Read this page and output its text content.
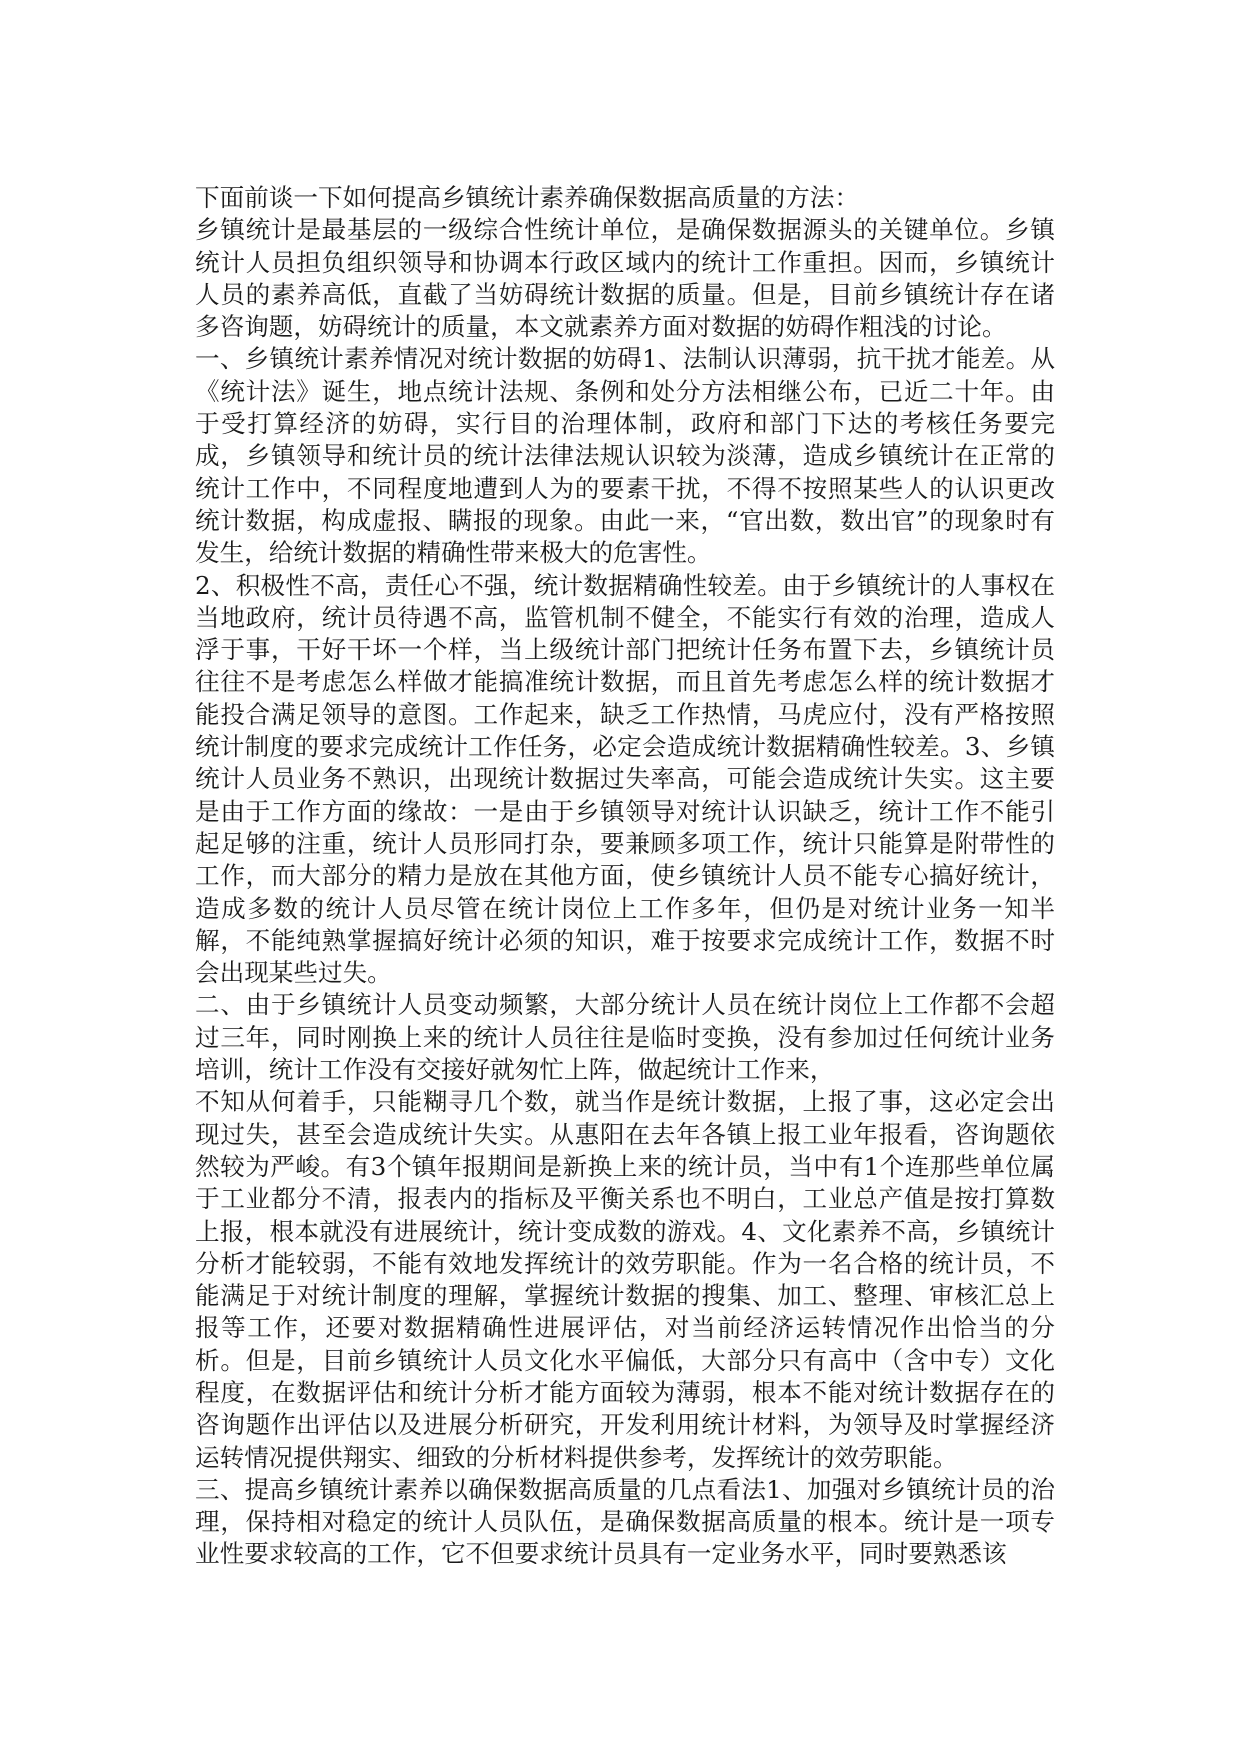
下面前谈一下如何提高乡镇统计素养确保数据高质量的方法：

乡镇统计是最基层的一级综合性统计单位，是确保数据源头的关键单位。乡镇统计人员担负组织领导和协调本行政区域内的统计工作重担。因而，乡镇统计人员的素养高低，直截了当妨碍统计数据的质量。但是，目前乡镇统计存在诸多咨询题，妨碍统计的质量，本文就素养方面对数据的妨碍作粗浅的讨论。

一、乡镇统计素养情况对统计数据的妨碍1、法制认识薄弱，抗干扰才能差。从《统计法》诞生，地点统计法规、条例和处分方法相继公布，已近二十年。由于受打算经济的妨碍，实行目的治理体制，政府和部门下达的考核任务要完成，乡镇领导和统计员的统计法律法规认识较为淡薄，造成乡镇统计在正常的统计工作中，不同程度地遭到人为的要素干扰，不得不按照某些人的认识更改统计数据，构成虚报、瞒报的现象。由此一来，“官出数，数出官”的现象时有发生，给统计数据的精确性带来极大的危害性。

2、积极性不高，责任心不强，统计数据精确性较差。由于乡镇统计的人事权在当地政府，统计员待遇不高，监管机制不健全，不能实行有效的治理，造成人浮于事，干好干坏一个样，当上级统计部门把统计任务布置下去，乡镇统计员往往不是考虑怎么样做才能搞准统计数据，而且首先考虑怎么样的统计数据才能投合满足领导的意图。工作起来，缺乏工作热情，马虎应付，没有严格按照统计制度的要求完成统计工作任务，必定会造成统计数据精确性较差。3、乡镇统计人员业务不熟识，出现统计数据过失率高，可能会造成统计失实。这主要是由于工作方面的缘故：一是由于乡镇领导对统计认识缺乏，统计工作不能引起足够的注重，统计人员形同打杂，要兼顾多项工作，统计只能算是附带性的工作，而大部分的精力是放在其他方面，使乡镇统计人员不能专心搞好统计，造成多数的统计人员尽管在统计岗位上工作多年，但仍是对统计业务一知半解，不能纯熟掌握搞好统计必须的知识，难于按要求完成统计工作，数据不时会出现某些过失。

二、由于乡镇统计人员变动频繁，大部分统计人员在统计岗位上工作都不会超过三年，同时刚换上来的统计人员往往是临时变换，没有参加过任何统计业务培训，统计工作没有交接好就匆忙上阵，做起统计工作来，

不知从何着手，只能糊寻几个数，就当作是统计数据，上报了事，这必定会出现过失，甚至会造成统计失实。从惠阳在去年各镇上报工业年报看，咨询题依然较为严峻。有3个镇年报期间是新换上来的统计员，当中有1个连那些单位属于工业都分不清，报表内的指标及平衡关系也不明白，工业总产值是按打算数上报，根本就没有进展统计，统计变成数的游戏。4、文化素养不高，乡镇统计分析才能较弱，不能有效地发挥统计的效劳职能。作为一名合格的统计员，不能满足于对统计制度的理解，掌握统计数据的搜集、加工、整理、审核汇总上报等工作，还要对数据精确性进展评估，对当前经济运转情况作出恰当的分析。但是，目前乡镇统计人员文化水平偏低，大部分只有高中（含中专）文化程度，在数据评估和统计分析才能方面较为薄弱，根本不能对统计数据存在的咨询题作出评估以及进展分析研究，开发利用统计材料，为领导及时掌握经济运转情况提供翔实、细致的分析材料提供参考，发挥统计的效劳职能。

三、提高乡镇统计素养以确保数据高质量的几点看法1、加强对乡镇统计员的治理，保持相对稳定的统计人员队伍，是确保数据高质量的根本。统计是一项专业性要求较高的工作，它不但要求统计员具有一定业务水平，同时要熟悉该
